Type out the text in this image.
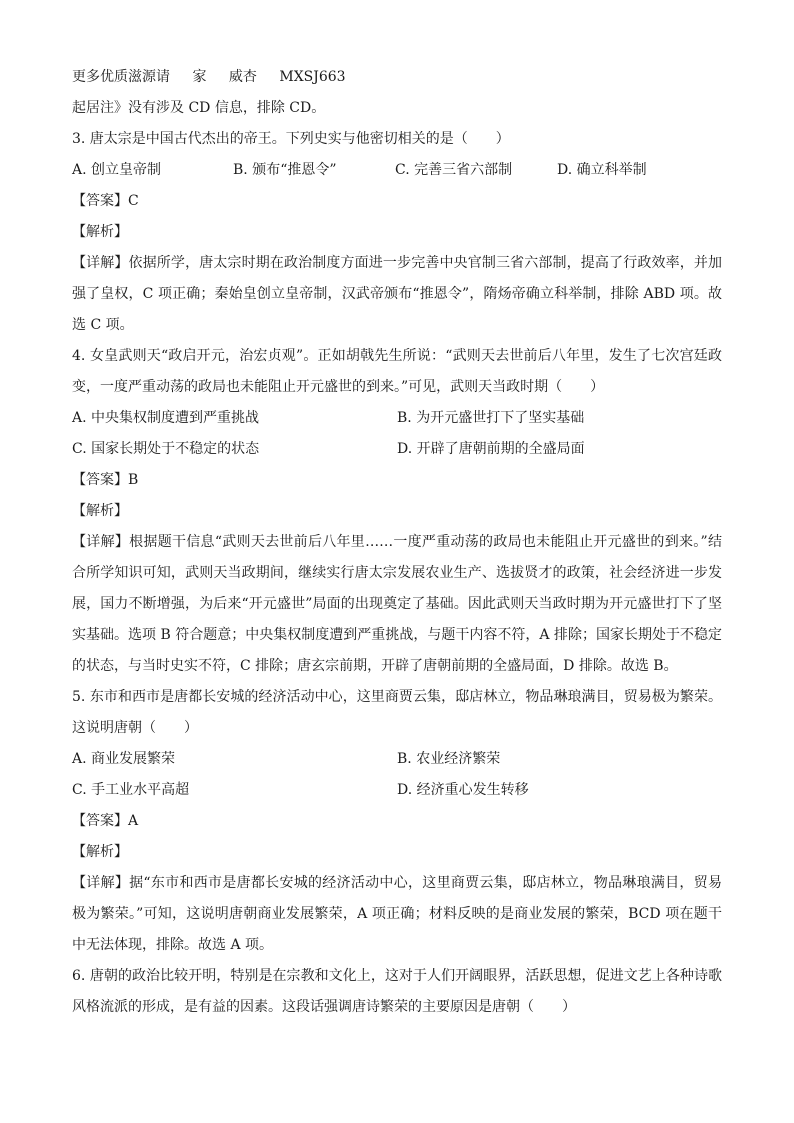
更多优质滋源请 家 威杏 MXSJ663
起居注》没有涉及 CD 信息，排除 CD。
3. 唐太宗是中国古代杰出的帝王。下列史实与他密切相关的是（　　）
A. 创立皇帝制	B. 颁布“推恩令”	C. 完善三省六部制	D. 确立科举制
【答案】C
【解析】
【详解】依据所学，唐太宗时期在政治制度方面进一步完善中央官制三省六部制，提高了行政效率，并加强了皇权，C 项正确；秦始皇创立皇帝制，汉武帝颁布“推恩令”，隋炀帝确立科举制，排除 ABD 项。故选 C 项。
4. 女皇武则天“政启开元，治宏贞观”。正如胡戟先生所说：“武则天去世前后八年里，发生了七次宫廷政变，一度严重动荡的政局也未能阻止开元盛世的到来。”可见，武则天当政时期（　　）
A. 中央集权制度遭到严重挑战	B. 为开元盛世打下了坚实基础
C. 国家长期处于不稳定的状态	D. 开辟了唐朝前期的全盛局面
【答案】B
【解析】
【详解】根据题干信息“武则天去世前后八年里……一度严重动荡的政局也未能阻止开元盛世的到来。”结合所学知识可知，武则天当政期间，继续实行唐太宗发展农业生产、选拔贤才的政策，社会经济进一步发展，国力不断增强，为后来“开元盛世”局面的出现奠定了基础。因此武则天当政时期为开元盛世打下了坚实基础。选项 B 符合题意；中央集权制度遭到严重挑战，与题干内容不符，A 排除；国家长期处于不稳定的状态，与当时史实不符，C 排除；唐玄宗前期，开辟了唐朝前期的全盛局面，D 排除。故选 B。
5. 东市和西市是唐都长安城的经济活动中心，这里商贾云集，邸店林立，物品琳琅满目，贸易极为繁荣。这说明唐朝（　　）
A. 商业发展繁荣	B. 农业经济繁荣
C. 手工业水平高超	D. 经济重心发生转移
【答案】A
【解析】
【详解】据“东市和西市是唐都长安城的经济活动中心，这里商贾云集，邸店林立，物品琳琅满目，贸易极为繁荣。”可知，这说明唐朝商业发展繁荣，A 项正确；材料反映的是商业发展的繁荣，BCD 项在题干中无法体现，排除。故选 A 项。
6. 唐朝的政治比较开明，特别是在宗教和文化上，这对于人们开阔眼界，活跃思想，促进文艺上各种诗歌风格流派的形成，是有益的因素。这段话强调唐诗繁荣的主要原因是唐朝（　　）
